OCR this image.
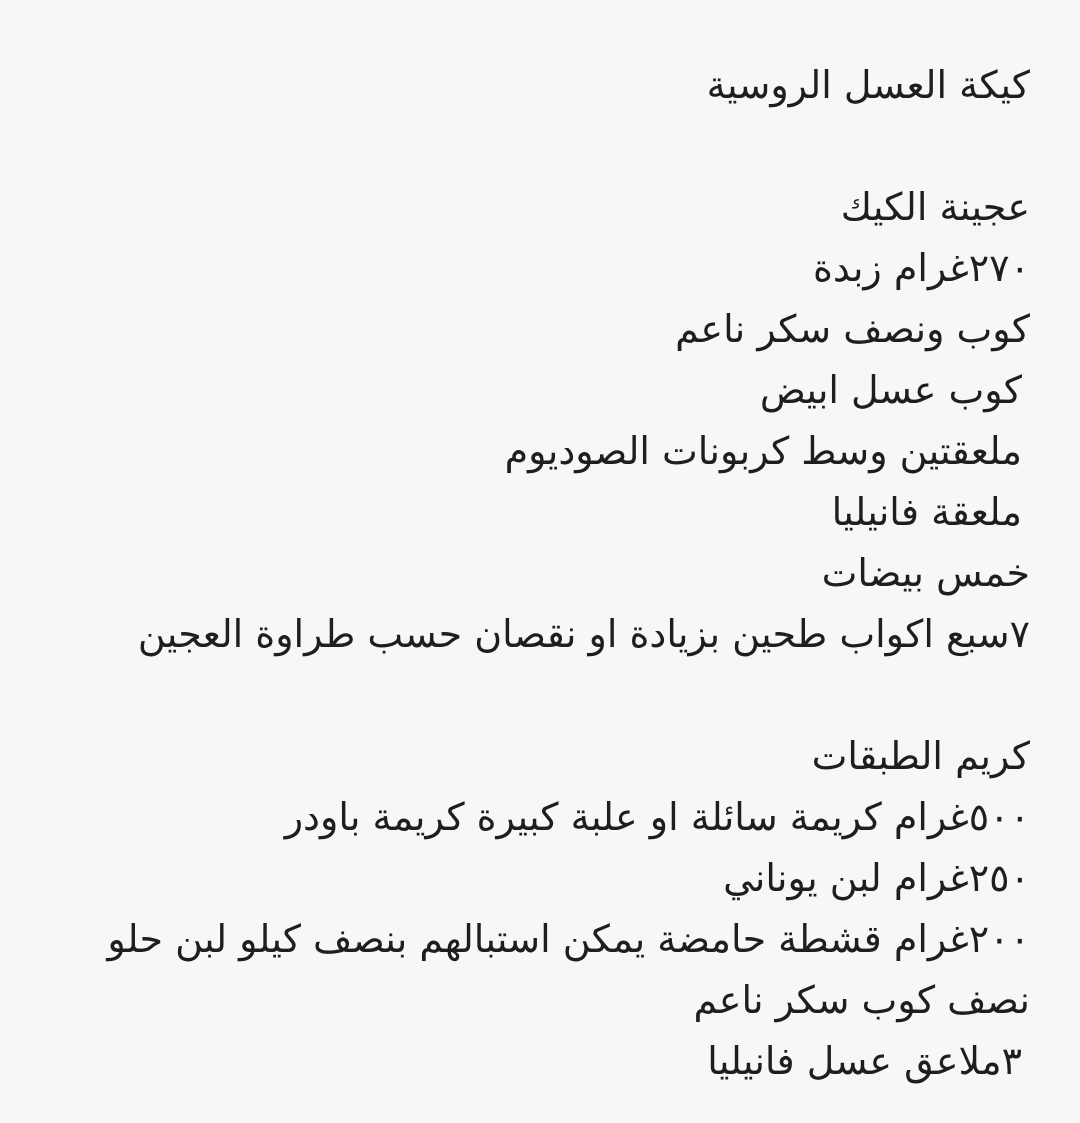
كيكة العسل الروسية
عجينة الكيك
٢٧٠غرام زبدة
كوب ونصف سكر ناعم
كوب عسل ابيض
ملعقتين وسط كربونات الصوديوم
ملعقة فانيليا
خمس بيضات
٧سبع اكواب طحين بزيادة او نقصان حسب طراوة العجين
كريم الطبقات
٥٠٠غرام كريمة سائلة او علبة كبيرة كريمة باودر
٢٥٠غرام لبن يوناني
٢٠٠غرام قشطة حامضة يمكن استبالهم بنصف كيلو لبن حلو
نصف كوب سكر ناعم
٣ملاعق عسل فانيليا
